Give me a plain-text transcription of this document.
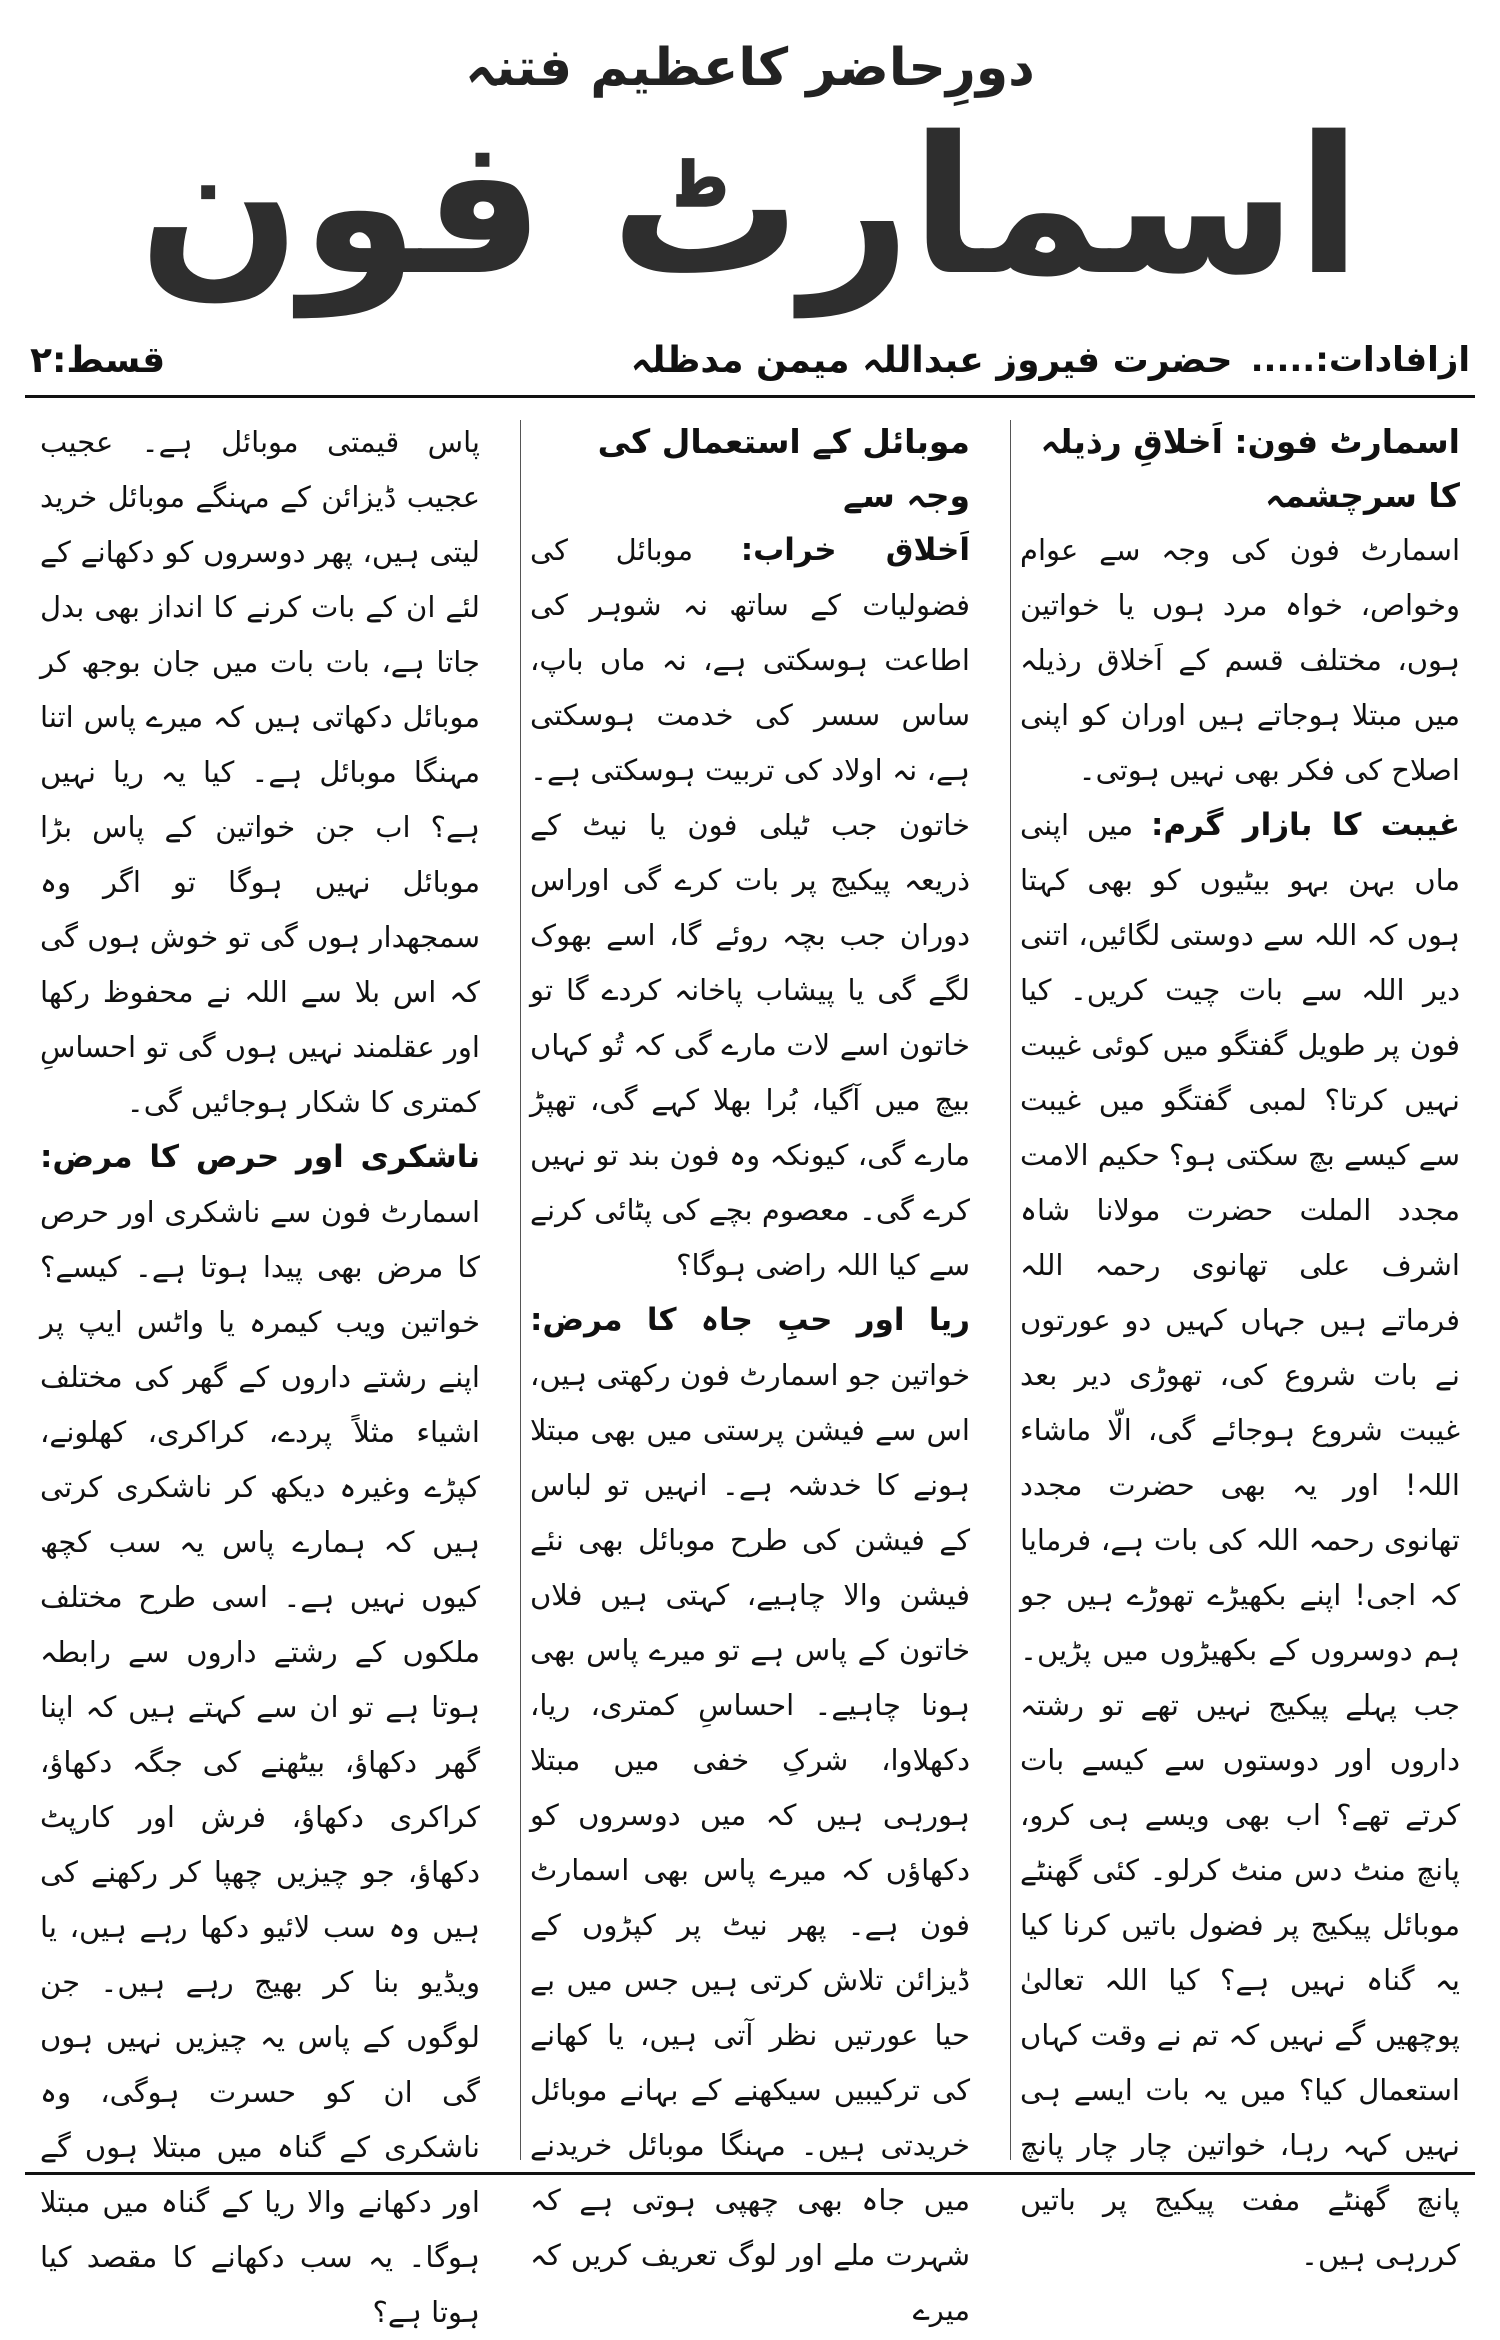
دورِحاضر کاعظیم فتنہ
اسمارٹ فون
ازافادات:.....
حضرت فیروز عبداللہ میمن مدظلہ
قسط:۲
اسمارٹ فون: اَخلاقِ رذیلہ کا سرچشمہ

اسمارٹ فون کی وجہ سے عوام وخواص، خواہ مرد ہوں یا خواتین ہوں، مختلف قسم کے اَخلاق رذیلہ میں مبتلا ہوجاتے ہیں اوران کو اپنی اصلاح کی فکر بھی نہیں ہوتی۔

غیبت کا بازار گرم: میں اپنی ماں بہن بہو بیٹیوں کو بھی کہتا ہوں کہ اللہ سے دوستی لگائیں، اتنی دیر اللہ سے بات چیت کریں۔ کیا فون پر طویل گفتگو میں کوئی غیبت نہیں کرتا؟ لمبی گفتگو میں غیبت سے کیسے بچ سکتی ہو؟ حکیم الامت مجدد الملت حضرت مولانا شاہ اشرف علی تھانوی رحمہ اللہ فرماتے ہیں جہاں کہیں دو عورتوں نے بات شروع کی، تھوڑی دیر بعد غیبت شروع ہوجائے گی، الّا ماشاء اللہ! اور یہ بھی حضرت مجدد تھانوی رحمہ اللہ کی بات ہے، فرمایا کہ اجی! اپنے بکھیڑے تھوڑے ہیں جو ہم دوسروں کے بکھیڑوں میں پڑیں۔ جب پہلے پیکیج نہیں تھے تو رشتہ داروں اور دوستوں سے کیسے بات کرتے تھے؟ اب بھی ویسے ہی کرو، پانچ منٹ دس منٹ کرلو۔ کئی گھنٹے موبائل پیکیج پر فضول باتیں کرنا کیا یہ گناہ نہیں ہے؟ کیا اللہ تعالیٰ پوچھیں گے نہیں کہ تم نے وقت کہاں استعمال کیا؟ میں یہ بات ایسے ہی نہیں کہہ رہا، خواتین چار چار پانچ پانچ گھنٹے مفت پیکیج پر باتیں کررہی ہیں۔

موبائل کے استعمال کی وجہ سے

اَخلاق خراب: موبائل کی فضولیات کے ساتھ نہ شوہر کی اطاعت ہوسکتی ہے، نہ ماں باپ، ساس سسر کی خدمت ہوسکتی ہے، نہ اولاد کی تربیت ہوسکتی ہے۔ خاتون جب ٹیلی فون یا نیٹ کے ذریعہ پیکیج پر بات کرے گی اوراس دوران جب بچہ روئے گا، اسے بھوک لگے گی یا پیشاب پاخانہ کردے گا تو خاتون اسے لات مارے گی کہ تُو کہاں بیچ میں آگیا، بُرا بھلا کہے گی، تھپڑ مارے گی، کیونکہ وہ فون بند تو نہیں کرے گی۔ معصوم بچے کی پٹائی کرنے سے کیا اللہ راضی ہوگا؟

ریا اور حبِ جاہ کا مرض: خواتین جو اسمارٹ فون رکھتی ہیں، اس سے فیشن پرستی میں بھی مبتلا ہونے کا خدشہ ہے۔ انہیں تو لباس کے فیشن کی طرح موبائل بھی نئے فیشن والا چاہیے، کہتی ہیں فلاں خاتون کے پاس ہے تو میرے پاس بھی ہونا چاہیے۔ احساسِ کمتری، ریا، دکھلاوا، شرکِ خفی میں مبتلا ہورہی ہیں کہ میں دوسروں کو دکھاؤں کہ میرے پاس بھی اسمارٹ فون ہے۔ پھر نیٹ پر کپڑوں کے ڈیزائن تلاش کرتی ہیں جس میں بے حیا عورتیں نظر آتی ہیں، یا کھانے کی ترکیبیں سیکھنے کے بہانے موبائل خریدتی ہیں۔ مہنگا موبائل خریدنے میں جاہ بھی چھپی ہوتی ہے کہ شہرت ملے اور لوگ تعریف کریں کہ میرے

پاس قیمتی موبائل ہے۔ عجیب عجیب ڈیزائن کے مہنگے موبائل خرید لیتی ہیں، پھر دوسروں کو دکھانے کے لئے ان کے بات کرنے کا انداز بھی بدل جاتا ہے، بات بات میں جان بوجھ کر موبائل دکھاتی ہیں کہ میرے پاس اتنا مہنگا موبائل ہے۔ کیا یہ ریا نہیں ہے؟ اب جن خواتین کے پاس بڑا موبائل نہیں ہوگا تو اگر وہ سمجھدار ہوں گی تو خوش ہوں گی کہ اس بلا سے اللہ نے محفوظ رکھا اور عقلمند نہیں ہوں گی تو احساسِ کمتری کا شکار ہوجائیں گی۔

ناشکری اور حرص کا مرض: اسمارٹ فون سے ناشکری اور حرص کا مرض بھی پیدا ہوتا ہے۔ کیسے؟ خواتین ویب کیمرہ یا واٹس ایپ پر اپنے رشتے داروں کے گھر کی مختلف اشیاء مثلاً پردے، کراکری، کھلونے، کپڑے وغیرہ دیکھ کر ناشکری کرتی ہیں کہ ہمارے پاس یہ سب کچھ کیوں نہیں ہے۔ اسی طرح مختلف ملکوں کے رشتے داروں سے رابطہ ہوتا ہے تو ان سے کہتے ہیں کہ اپنا گھر دکھاؤ، بیٹھنے کی جگہ دکھاؤ، کراکری دکھاؤ، فرش اور کارپٹ دکھاؤ، جو چیزیں چھپا کر رکھنے کی ہیں وہ سب لائیو دکھا رہے ہیں، یا ویڈیو بنا کر بھیج رہے ہیں۔ جن لوگوں کے پاس یہ چیزیں نہیں ہوں گی ان کو حسرت ہوگی، وہ ناشکری کے گناہ میں مبتلا ہوں گے اور دکھانے والا ریا کے گناہ میں مبتلا ہوگا۔ یہ سب دکھانے کا مقصد کیا ہوتا ہے؟
